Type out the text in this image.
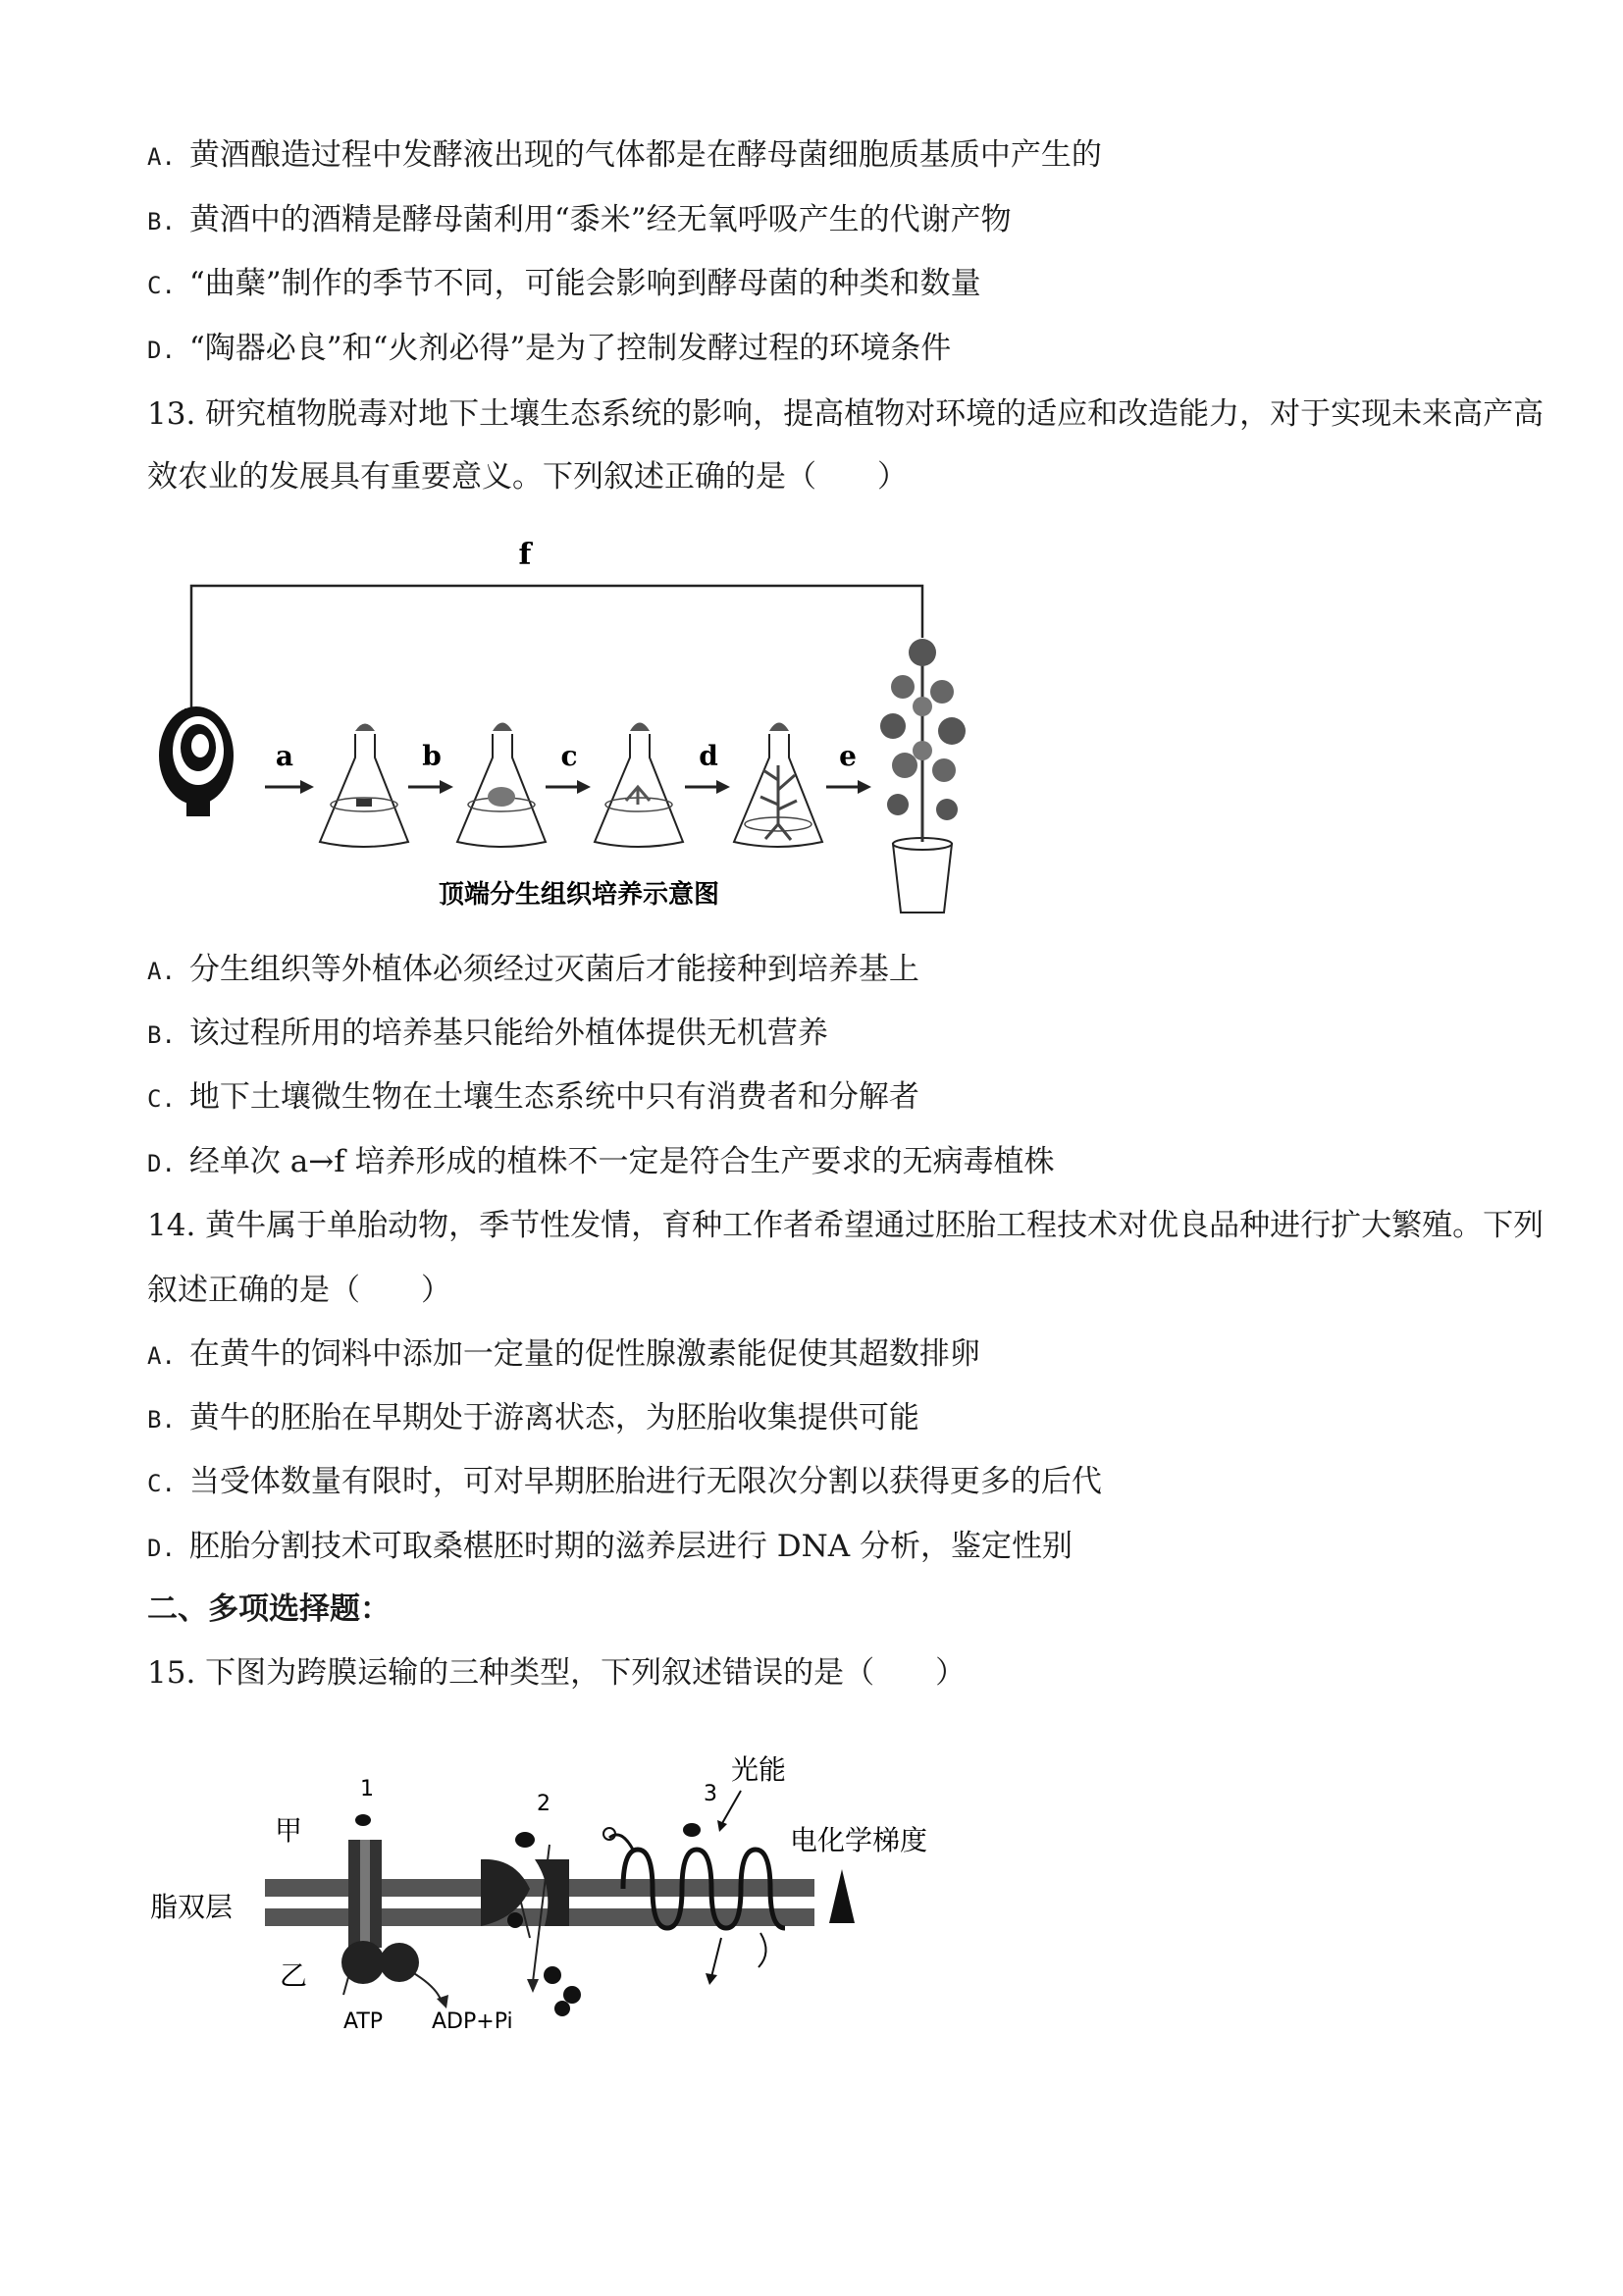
A. 黄酒酿造过程中发酵液出现的气体都是在酵母菌细胞质基质中产生的
B. 黄酒中的酒精是酵母菌利用“黍米”经无氧呼吸产生的代谢产物
C. “曲蘖”制作的季节不同，可能会影响到酵母菌的种类和数量
D. “陶器必良”和“火剂必得”是为了控制发酵过程的环境条件
13. 研究植物脱毒对地下土壤生态系统的影响，提高植物对环境的适应和改造能力，对于实现未来高产高
效农业的发展具有重要意义。下列叙述正确的是（　　）
f
a	b	c	d	e
顶端分生组织培养示意图
A. 分生组织等外植体必须经过灭菌后才能接种到培养基上
B. 该过程所用的培养基只能给外植体提供无机营养
C. 地下土壤微生物在土壤生态系统中只有消费者和分解者
D. 经单次 a→f 培养形成的植株不一定是符合生产要求的无病毒植株
14. 黄牛属于单胎动物，季节性发情，育种工作者希望通过胚胎工程技术对优良品种进行扩大繁殖。下列
叙述正确的是（　　）
A. 在黄牛的饲料中添加一定量的促性腺激素能促使其超数排卵
B. 黄牛的胚胎在早期处于游离状态，为胚胎收集提供可能
C. 当受体数量有限时，可对早期胚胎进行无限次分割以获得更多的后代
D. 胚胎分割技术可取桑椹胚时期的滋养层进行 DNA 分析，鉴定性别
二、多项选择题：
15. 下图为跨膜运输的三种类型，下列叙述错误的是（　　）
甲
脂双层
乙
1
2	3
光能
电化学梯度
ATP ADP+Pi
